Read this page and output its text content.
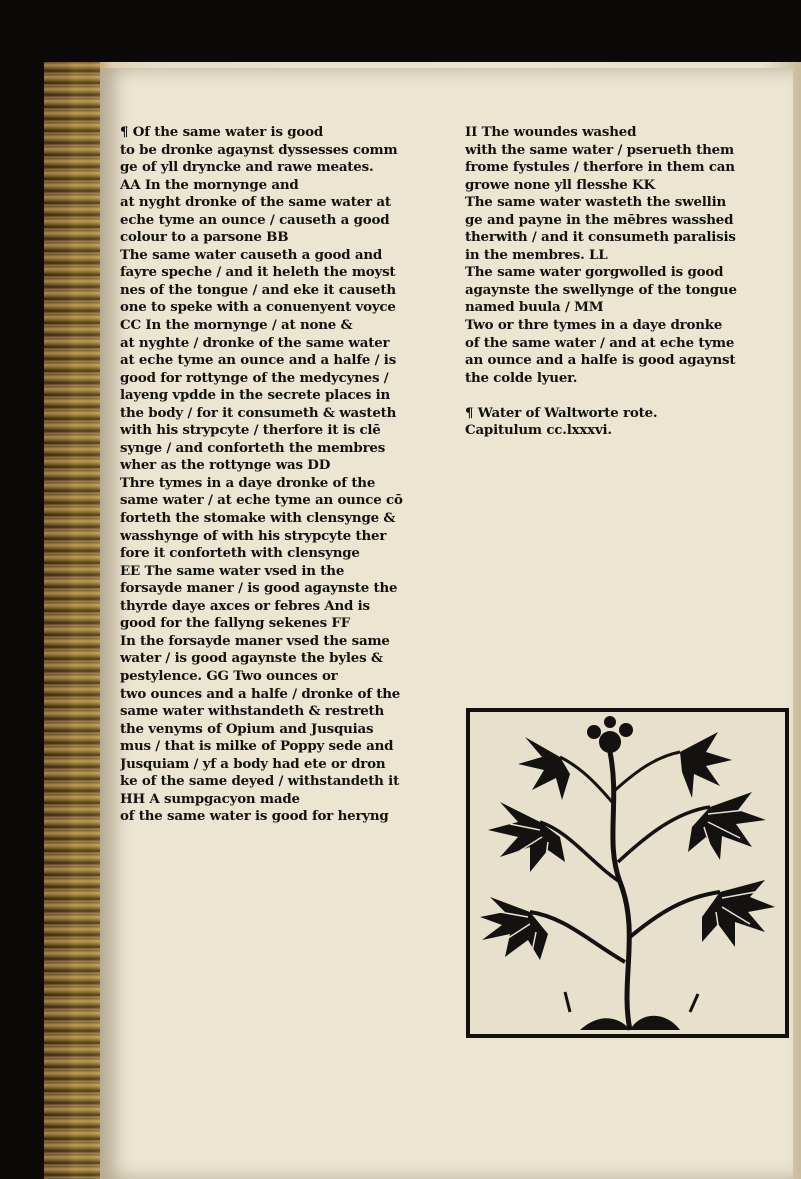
¶ Of the same water is good
to be dronke agaynst dyssesses comm
ge of yll dryncke and rawe meates.
AA In the mornynge and
at nyght dronke of the same water at
eche tyme an ounce / causeth a good
colour to a parsone BB
The same water causeth a good and
fayre speche / and it heleth the moyst
nes of the tongue / and eke it causeth
one to speke with a conuenyent voyce
CC In the mornynge / at none &
at nyghte / dronke of the same water
at eche tyme an ounce and a halfe / is
good for rottynge of the medycynes /
layeng vpdde in the secrete places in
the body / for it consumeth & wasteth
with his strypcyte / therfore it is clē
synge / and conforteth the membres
wher as the rottynge was DD
Thre tymes in a daye dronke of the
same water / at eche tyme an ounce cō
forteth the stomake with clensynge &
wasshynge of with his strypcyte ther
fore it conforteth with clensynge
EE The same water vsed in the
forsayde maner / is good agaynste the
thyrde daye axces or febres And is
good for the fallyng sekenes FF
In the forsayde maner vsed the same
water / is good agaynste the byles &
pestylence. GG Two ounces or
two ounces and a halfe / dronke of the
same water withstandeth & restreth
the venyms of Opium and Jusquias
mus / that is milke of Poppy sede and
Jusquiam / yf a body had ete or dron
ke of the same deyed / withstandeth it
HH A sumpgacyon made
of the same water is good for heryng
II The woundes washed
with the same water / pserueth them
frome fystules / therfore in them can
growe none yll flesshe KK
The same water wasteth the swellin
ge and payne in the mēbres wasshed
therwith / and it consumeth paralisis
in the membres. LL
The same water gorgwolled is good
agaynste the swellynge of the tongue
named buula / MM
Two or thre tymes in a daye dronke
of the same water / and at eche tyme
an ounce and a halfe is good agaynst
the colde lyuer.
¶ Water of Waltworte rote.
Capitulum cc.lxxxvi.
